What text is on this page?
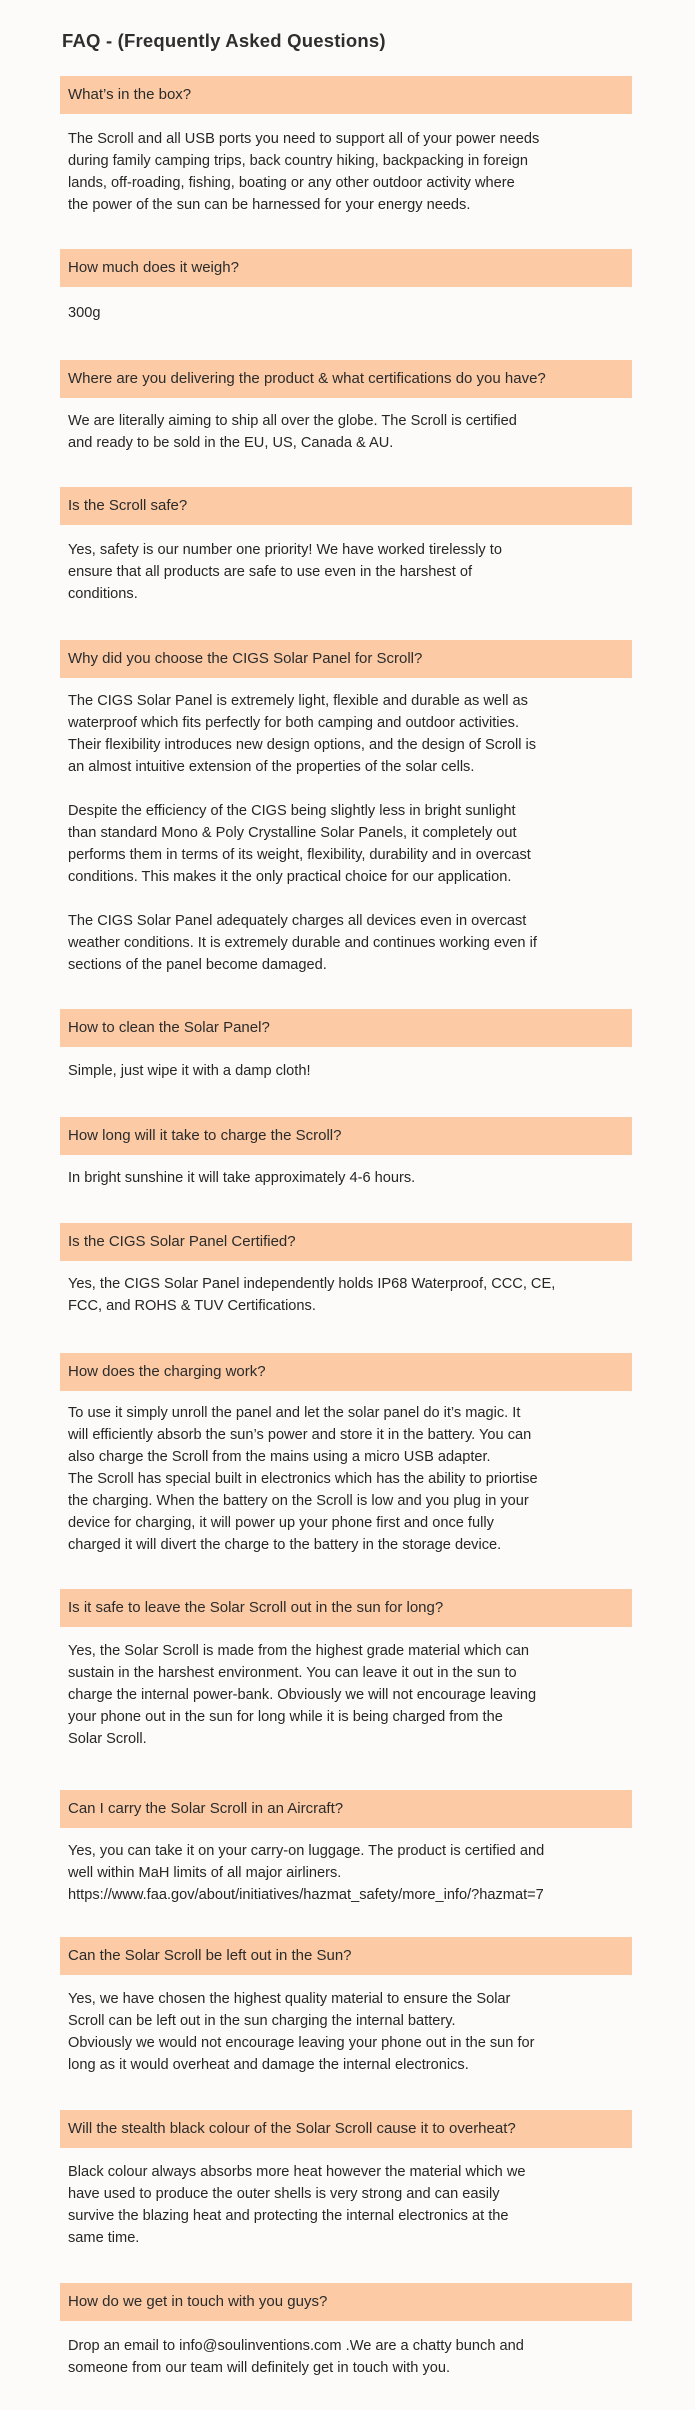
FAQ - (Frequently Asked Questions)
What’s in the box?

The Scroll and all USB ports you need to support all of your power needs
during family camping trips, back country hiking, backpacking in foreign
lands, off-roading, fishing, boating or any other outdoor activity where
the power of the sun can be harnessed for your energy needs.

How much does it weigh?

300g

Where are you delivering the product & what certifications do you have?

We are literally aiming to ship all over the globe. The Scroll is certified
and ready to be sold in the EU, US, Canada & AU.

Is the Scroll safe?

Yes, safety is our number one priority! We have worked tirelessly to
ensure that all products are safe to use even in the harshest of
conditions.

Why did you choose the CIGS Solar Panel for Scroll?

The CIGS Solar Panel is extremely light, flexible and durable as well as
waterproof which fits perfectly for both camping and outdoor activities.
Their flexibility introduces new design options, and the design of Scroll is
an almost intuitive extension of the properties of the solar cells.

Despite the efficiency of the CIGS being slightly less in bright sunlight
than standard Mono & Poly Crystalline Solar Panels, it completely out
performs them in terms of its weight, flexibility, durability and in overcast
conditions. This makes it the only practical choice for our application.

The CIGS Solar Panel adequately charges all devices even in overcast
weather conditions. It is extremely durable and continues working even if
sections of the panel become damaged.

How to clean the Solar Panel?

Simple, just wipe it with a damp cloth!

How long will it take to charge the Scroll?

In bright sunshine it will take approximately 4-6 hours.

Is the CIGS Solar Panel Certified?

Yes, the CIGS Solar Panel independently holds IP68 Waterproof, CCC, CE,
FCC, and ROHS & TUV Certifications.

How does the charging work?

To use it simply unroll the panel and let the solar panel do it’s magic. It
will efficiently absorb the sun’s power and store it in the battery. You can
also charge the Scroll from the mains using a micro USB adapter.
The Scroll has special built in electronics which has the ability to priortise
the charging. When the battery on the Scroll is low and you plug in your
device for charging, it will power up your phone first and once fully
charged it will divert the charge to the battery in the storage device.

Is it safe to leave the Solar Scroll out in the sun for long?

Yes, the Solar Scroll is made from the highest grade material which can
sustain in the harshest environment. You can leave it out in the sun to
charge the internal power-bank. Obviously we will not encourage leaving
your phone out in the sun for long while it is being charged from the
Solar Scroll.

Can I carry the Solar Scroll in an Aircraft?

Yes, you can take it on your carry-on luggage. The product is certified and
well within MaH limits of all major airliners.
https://www.faa.gov/about/initiatives/hazmat_safety/more_info/?hazmat=7

Can the Solar Scroll be left out in the Sun?

Yes, we have chosen the highest quality material to ensure the Solar
Scroll can be left out in the sun charging the internal battery.
Obviously we would not encourage leaving your phone out in the sun for
long as it would overheat and damage the internal electronics.

Will the stealth black colour of the Solar Scroll cause it to overheat?

Black colour always absorbs more heat however the material which we
have used to produce the outer shells is very strong and can easily
survive the blazing heat and protecting the internal electronics at the
same time.

How do we get in touch with you guys?

Drop an email to info@soulinventions.com .We are a chatty bunch and
someone from our team will definitely get in touch with you.
